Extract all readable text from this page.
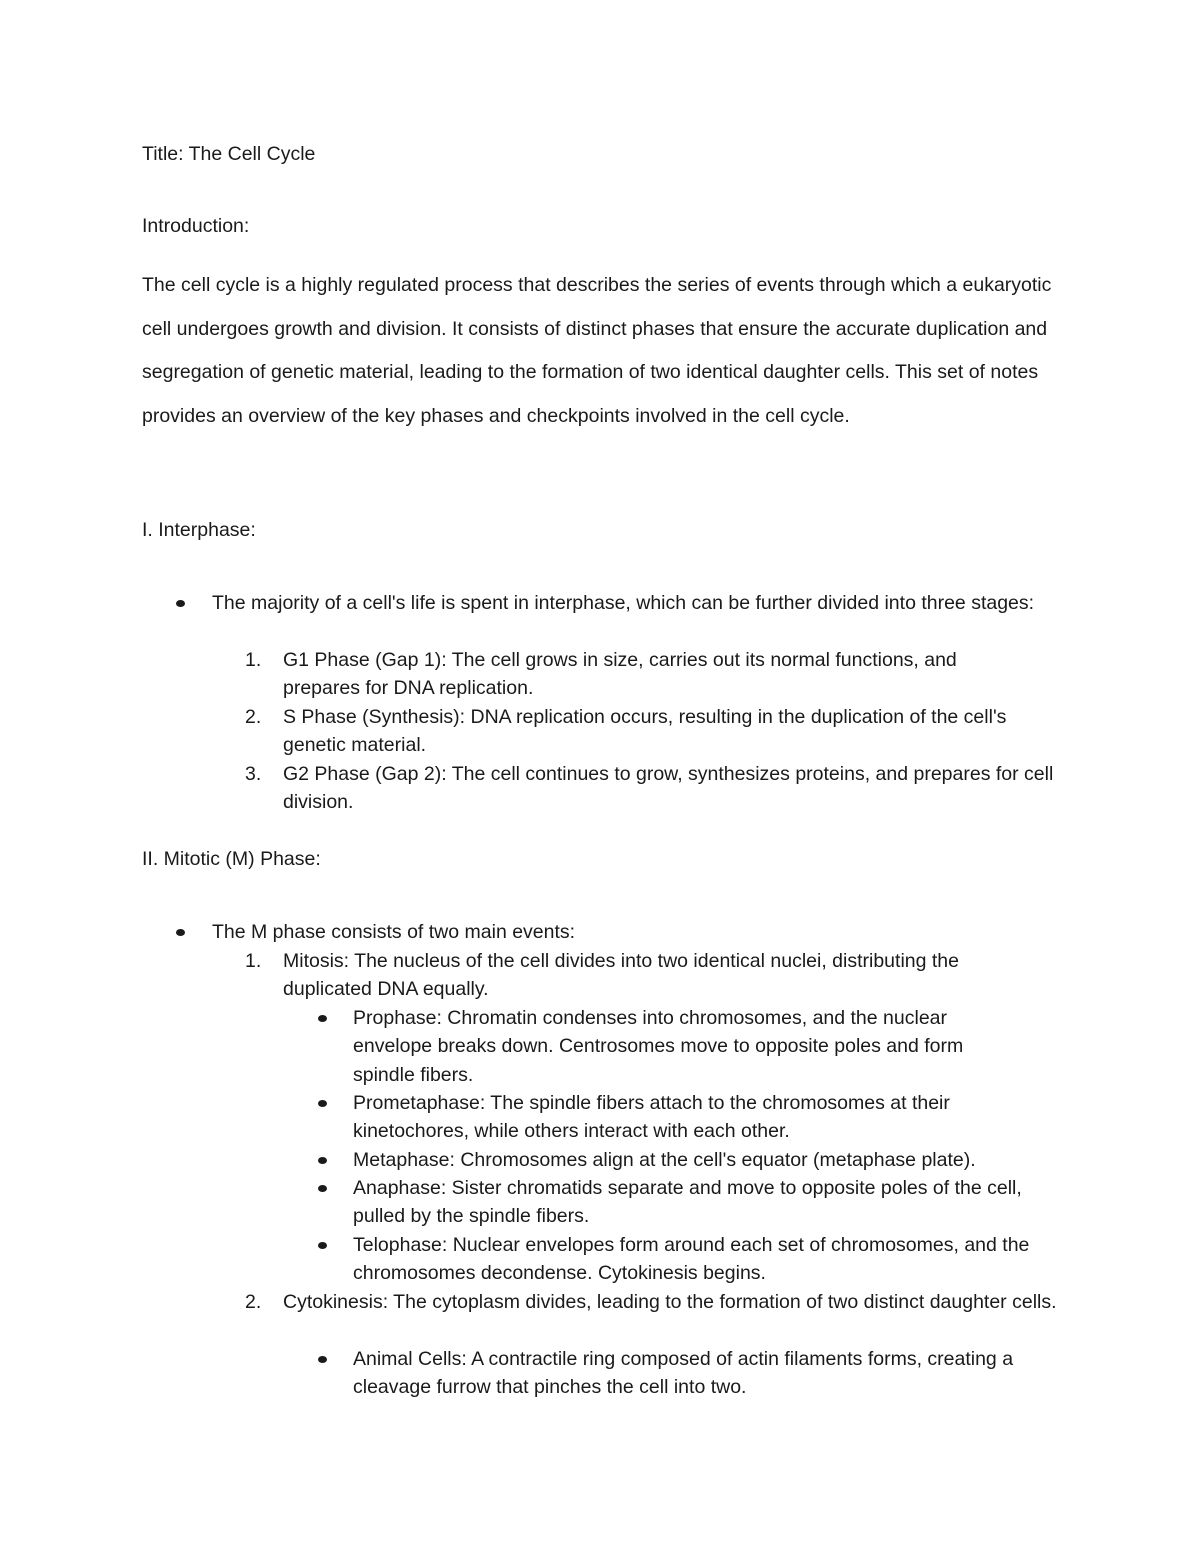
Title: The Cell Cycle
Introduction:

The cell cycle is a highly regulated process that describes the series of events through which a eukaryotic cell undergoes growth and division. It consists of distinct phases that ensure the accurate duplication and segregation of genetic material, leading to the formation of two identical daughter cells. This set of notes provides an overview of the key phases and checkpoints involved in the cell cycle.

I. Interphase:
The majority of a cell's life is spent in interphase, which can be further divided into three stages:
1. G1 Phase (Gap 1): The cell grows in size, carries out its normal functions, and prepares for DNA replication.
2. S Phase (Synthesis): DNA replication occurs, resulting in the duplication of the cell's genetic material.
3. G2 Phase (Gap 2): The cell continues to grow, synthesizes proteins, and prepares for cell division.
II. Mitotic (M) Phase:
The M phase consists of two main events:
1. Mitosis: The nucleus of the cell divides into two identical nuclei, distributing the duplicated DNA equally.
Prophase: Chromatin condenses into chromosomes, and the nuclear envelope breaks down. Centrosomes move to opposite poles and form spindle fibers.
Prometaphase: The spindle fibers attach to the chromosomes at their kinetochores, while others interact with each other.
Metaphase: Chromosomes align at the cell's equator (metaphase plate).
Anaphase: Sister chromatids separate and move to opposite poles of the cell, pulled by the spindle fibers.
Telophase: Nuclear envelopes form around each set of chromosomes, and the chromosomes decondense. Cytokinesis begins.
2. Cytokinesis: The cytoplasm divides, leading to the formation of two distinct daughter cells.
Animal Cells: A contractile ring composed of actin filaments forms, creating a cleavage furrow that pinches the cell into two.
